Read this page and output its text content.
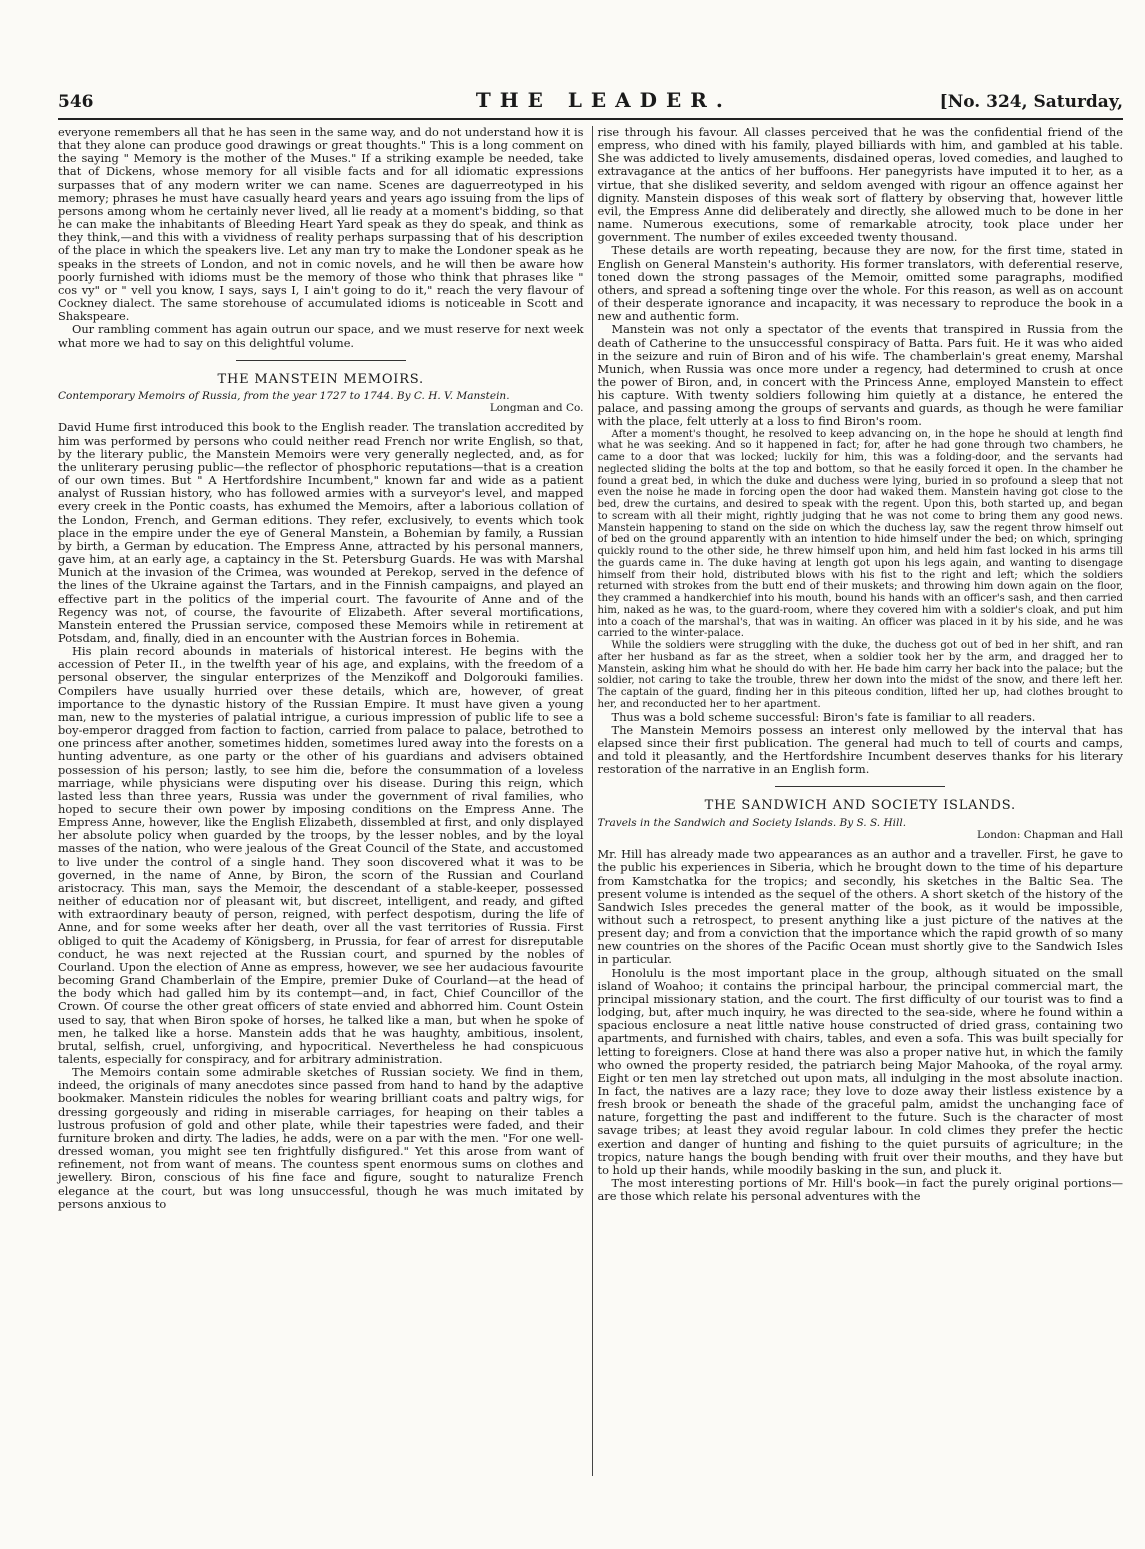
546	THE LEADER.	[No. 324, Saturday,

everyone remembers all that he has seen in the same way, and do not understand how it is that they alone can produce good drawings or great thoughts." This is a long comment on the saying " Memory is the mother of the Muses." If a striking example be needed, take that of Dickens, whose memory for all visible facts and for all idiomatic expressions surpasses that of any modern writer we can name. Scenes are daguerreotyped in his memory; phrases he must have casually heard years and years ago issuing from the lips of persons among whom he certainly never lived, all lie ready at a moment's bidding, so that he can make the inhabitants of Bleeding Heart Yard speak as they do speak, and think as they think,—and this with a vividness of reality perhaps surpassing that of his description of the place in which the speakers live. Let any man try to make the Londoner speak as he speaks in the streets of London, and not in comic novels, and he will then be aware how poorly furnished with idioms must be the memory of those who think that phrases like " cos vy" or " vell you know, I says, says I, I ain't going to do it," reach the very flavour of Cockney dialect. The same storehouse of accumulated idioms is noticeable in Scott and Shakspeare.

Our rambling comment has again outrun our space, and we must reserve for next week what more we had to say on this delightful volume.

THE MANSTEIN MEMOIRS.
Contemporary Memoirs of Russia, from the year 1727 to 1744. By C. H. V. Manstein.
Longman and Co.

David Hume first introduced this book to the English reader. The translation accredited by him was performed by persons who could neither read French nor write English, so that, by the literary public, the Manstein Memoirs were very generally neglected, and, as for the unliterary perusing public—the reflector of phosphoric reputations—that is a creation of our own times. But " A Hertfordshire Incumbent," known far and wide as a patient analyst of Russian history, who has followed armies with a surveyor's level, and mapped every creek in the Pontic coasts, has exhumed the Memoirs, after a laborious collation of the London, French, and German editions. They refer, exclusively, to events which took place in the empire under the eye of General Manstein, a Bohemian by family, a Russian by birth, a German by education. The Empress Anne, attracted by his personal manners, gave him, at an early age, a captaincy in the St. Petersburg Guards. He was with Marshal Munich at the invasion of the Crimea, was wounded at Perekop, served in the defence of the lines of the Ukraine against the Tartars, and in the Finnish campaigns, and played an effective part in the politics of the imperial court. The favourite of Anne and of the Regency was not, of course, the favourite of Elizabeth. After several mortifications, Manstein entered the Prussian service, composed these Memoirs while in retirement at Potsdam, and, finally, died in an encounter with the Austrian forces in Bohemia.

His plain record abounds in materials of historical interest. He begins with the accession of Peter II., in the twelfth year of his age, and explains, with the freedom of a personal observer, the singular enterprizes of the Menzikoff and Dolgorouki families. Compilers have usually hurried over these details, which are, however, of great importance to the dynastic history of the Russian Empire. It must have given a young man, new to the mysteries of palatial intrigue, a curious impression of public life to see a boy-emperor dragged from faction to faction, carried from palace to palace, betrothed to one princess after another, sometimes hidden, sometimes lured away into the forests on a hunting adventure, as one party or the other of his guardians and advisers obtained possession of his person; lastly, to see him die, before the consummation of a loveless marriage, while physicians were disputing over his disease. During this reign, which lasted less than three years, Russia was under the government of rival families, who hoped to secure their own power by imposing conditions on the Empress Anne. The Empress Anne, however, like the English Elizabeth, dissembled at first, and only displayed her absolute policy when guarded by the troops, by the lesser nobles, and by the loyal masses of the nation, who were jealous of the Great Council of the State, and accustomed to live under the control of a single hand. They soon discovered what it was to be governed, in the name of Anne, by Biron, the scorn of the Russian and Courland aristocracy. This man, says the Memoir, the descendant of a stable-keeper, possessed neither of education nor of pleasant wit, but discreet, intelligent, and ready, and gifted with extraordinary beauty of person, reigned, with perfect despotism, during the life of Anne, and for some weeks after her death, over all the vast territories of Russia. First obliged to quit the Academy of Königsberg, in Prussia, for fear of arrest for disreputable conduct, he was next rejected at the Russian court, and spurned by the nobles of Courland. Upon the election of Anne as empress, however, we see her audacious favourite becoming Grand Chamberlain of the Empire, premier Duke of Courland—at the head of the body which had galled him by its contempt—and, in fact, Chief Councillor of the Crown. Of course the other great officers of state envied and abhorred him. Count Ostein used to say, that when Biron spoke of horses, he talked like a man, but when he spoke of men, he talked like a horse. Manstein adds that he was haughty, ambitious, insolent, brutal, selfish, cruel, unforgiving, and hypocritical. Nevertheless he had conspicuous talents, especially for conspiracy, and for arbitrary administration.

The Memoirs contain some admirable sketches of Russian society. We find in them, indeed, the originals of many anecdotes since passed from hand to hand by the adaptive bookmaker. Manstein ridicules the nobles for wearing brilliant coats and paltry wigs, for dressing gorgeously and riding in miserable carriages, for heaping on their tables a lustrous profusion of gold and other plate, while their tapestries were faded, and their furniture broken and dirty. The ladies, he adds, were on a par with the men. "For one well-dressed woman, you might see ten frightfully disfigured." Yet this arose from want of refinement, not from want of means. The countess spent enormous sums on clothes and jewellery. Biron, conscious of his fine face and figure, sought to naturalize French elegance at the court, but was long unsuccessful, though he was much imitated by persons anxious to

rise through his favour. All classes perceived that he was the confidential friend of the empress, who dined with his family, played billiards with him, and gambled at his table. She was addicted to lively amusements, disdained operas, loved comedies, and laughed to extravagance at the antics of her buffoons. Her panegyrists have imputed it to her, as a virtue, that she disliked severity, and seldom avenged with rigour an offence against her dignity. Manstein disposes of this weak sort of flattery by observing that, however little evil, the Empress Anne did deliberately and directly, she allowed much to be done in her name. Numerous executions, some of remarkable atrocity, took place under her government. The number of exiles exceeded twenty thousand.

These details are worth repeating, because they are now, for the first time, stated in English on General Manstein's authority. His former translators, with deferential reserve, toned down the strong passages of the Memoir, omitted some paragraphs, modified others, and spread a softening tinge over the whole. For this reason, as well as on account of their desperate ignorance and incapacity, it was necessary to reproduce the book in a new and authentic form.

Manstein was not only a spectator of the events that transpired in Russia from the death of Catherine to the unsuccessful conspiracy of Batta. Pars fuit. He it was who aided in the seizure and ruin of Biron and of his wife. The chamberlain's great enemy, Marshal Munich, when Russia was once more under a regency, had determined to crush at once the power of Biron, and, in concert with the Princess Anne, employed Manstein to effect his capture. With twenty soldiers following him quietly at a distance, he entered the palace, and passing among the groups of servants and guards, as though he were familiar with the place, felt utterly at a loss to find Biron's room.

After a moment's thought, he resolved to keep advancing on, in the hope he should at length find what he was seeking. And so it happened in fact; for, after he had gone through two chambers, he came to a door that was locked; luckily for him, this was a folding-door, and the servants had neglected sliding the bolts at the top and bottom, so that he easily forced it open. In the chamber he found a great bed, in which the duke and duchess were lying, buried in so profound a sleep that not even the noise he made in forcing open the door had waked them. Manstein having got close to the bed, drew the curtains, and desired to speak with the regent. Upon this, both started up, and began to scream with all their might, rightly judging that he was not come to bring them any good news. Manstein happening to stand on the side on which the duchess lay, saw the regent throw himself out of bed on the ground apparently with an intention to hide himself under the bed; on which, springing quickly round to the other side, he threw himself upon him, and held him fast locked in his arms till the guards came in. The duke having at length got upon his legs again, and wanting to disengage himself from their hold, distributed blows with his fist to the right and left; which the soldiers returned with strokes from the butt end of their muskets; and throwing him down again on the floor, they crammed a handkerchief into his mouth, bound his hands with an officer's sash, and then carried him, naked as he was, to the guard-room, where they covered him with a soldier's cloak, and put him into a coach of the marshal's, that was in waiting. An officer was placed in it by his side, and he was carried to the winter-palace.

While the soldiers were struggling with the duke, the duchess got out of bed in her shift, and ran after her husband as far as the street, when a soldier took her by the arm, and dragged her to Manstein, asking him what he should do with her. He bade him carry her back into the palace; but the soldier, not caring to take the trouble, threw her down into the midst of the snow, and there left her. The captain of the guard, finding her in this piteous condition, lifted her up, had clothes brought to her, and reconducted her to her apartment.

Thus was a bold scheme successful: Biron's fate is familiar to all readers.

The Manstein Memoirs possess an interest only mellowed by the interval that has elapsed since their first publication. The general had much to tell of courts and camps, and told it pleasantly, and the Hertfordshire Incumbent deserves thanks for his literary restoration of the narrative in an English form.

THE SANDWICH AND SOCIETY ISLANDS.
Travels in the Sandwich and Society Islands. By S. S. Hill.
London: Chapman and Hall

Mr. Hill has already made two appearances as an author and a traveller. First, he gave to the public his experiences in Siberia, which he brought down to the time of his departure from Kamstchatka for the tropics; and secondly, his sketches in the Baltic Sea. The present volume is intended as the sequel of the others. A short sketch of the history of the Sandwich Isles precedes the general matter of the book, as it would be impossible, without such a retrospect, to present anything like a just picture of the natives at the present day; and from a conviction that the importance which the rapid growth of so many new countries on the shores of the Pacific Ocean must shortly give to the Sandwich Isles in particular.

Honolulu is the most important place in the group, although situated on the small island of Woahoo; it contains the principal harbour, the principal commercial mart, the principal missionary station, and the court. The first difficulty of our tourist was to find a lodging, but, after much inquiry, he was directed to the sea-side, where he found within a spacious enclosure a neat little native house constructed of dried grass, containing two apartments, and furnished with chairs, tables, and even a sofa. This was built specially for letting to foreigners. Close at hand there was also a proper native hut, in which the family who owned the property resided, the patriarch being Major Mahooka, of the royal army. Eight or ten men lay stretched out upon mats, all indulging in the most absolute inaction. In fact, the natives are a lazy race; they love to doze away their listless existence by a fresh brook or beneath the shade of the graceful palm, amidst the unchanging face of nature, forgetting the past and indifferent to the future. Such is the character of most savage tribes; at least they avoid regular labour. In cold climes they prefer the hectic exertion and danger of hunting and fishing to the quiet pursuits of agriculture; in the tropics, nature hangs the bough bending with fruit over their mouths, and they have but to hold up their hands, while moodily basking in the sun, and pluck it.

The most interesting portions of Mr. Hill's book—in fact the purely original portions—are those which relate his personal adventures with the
